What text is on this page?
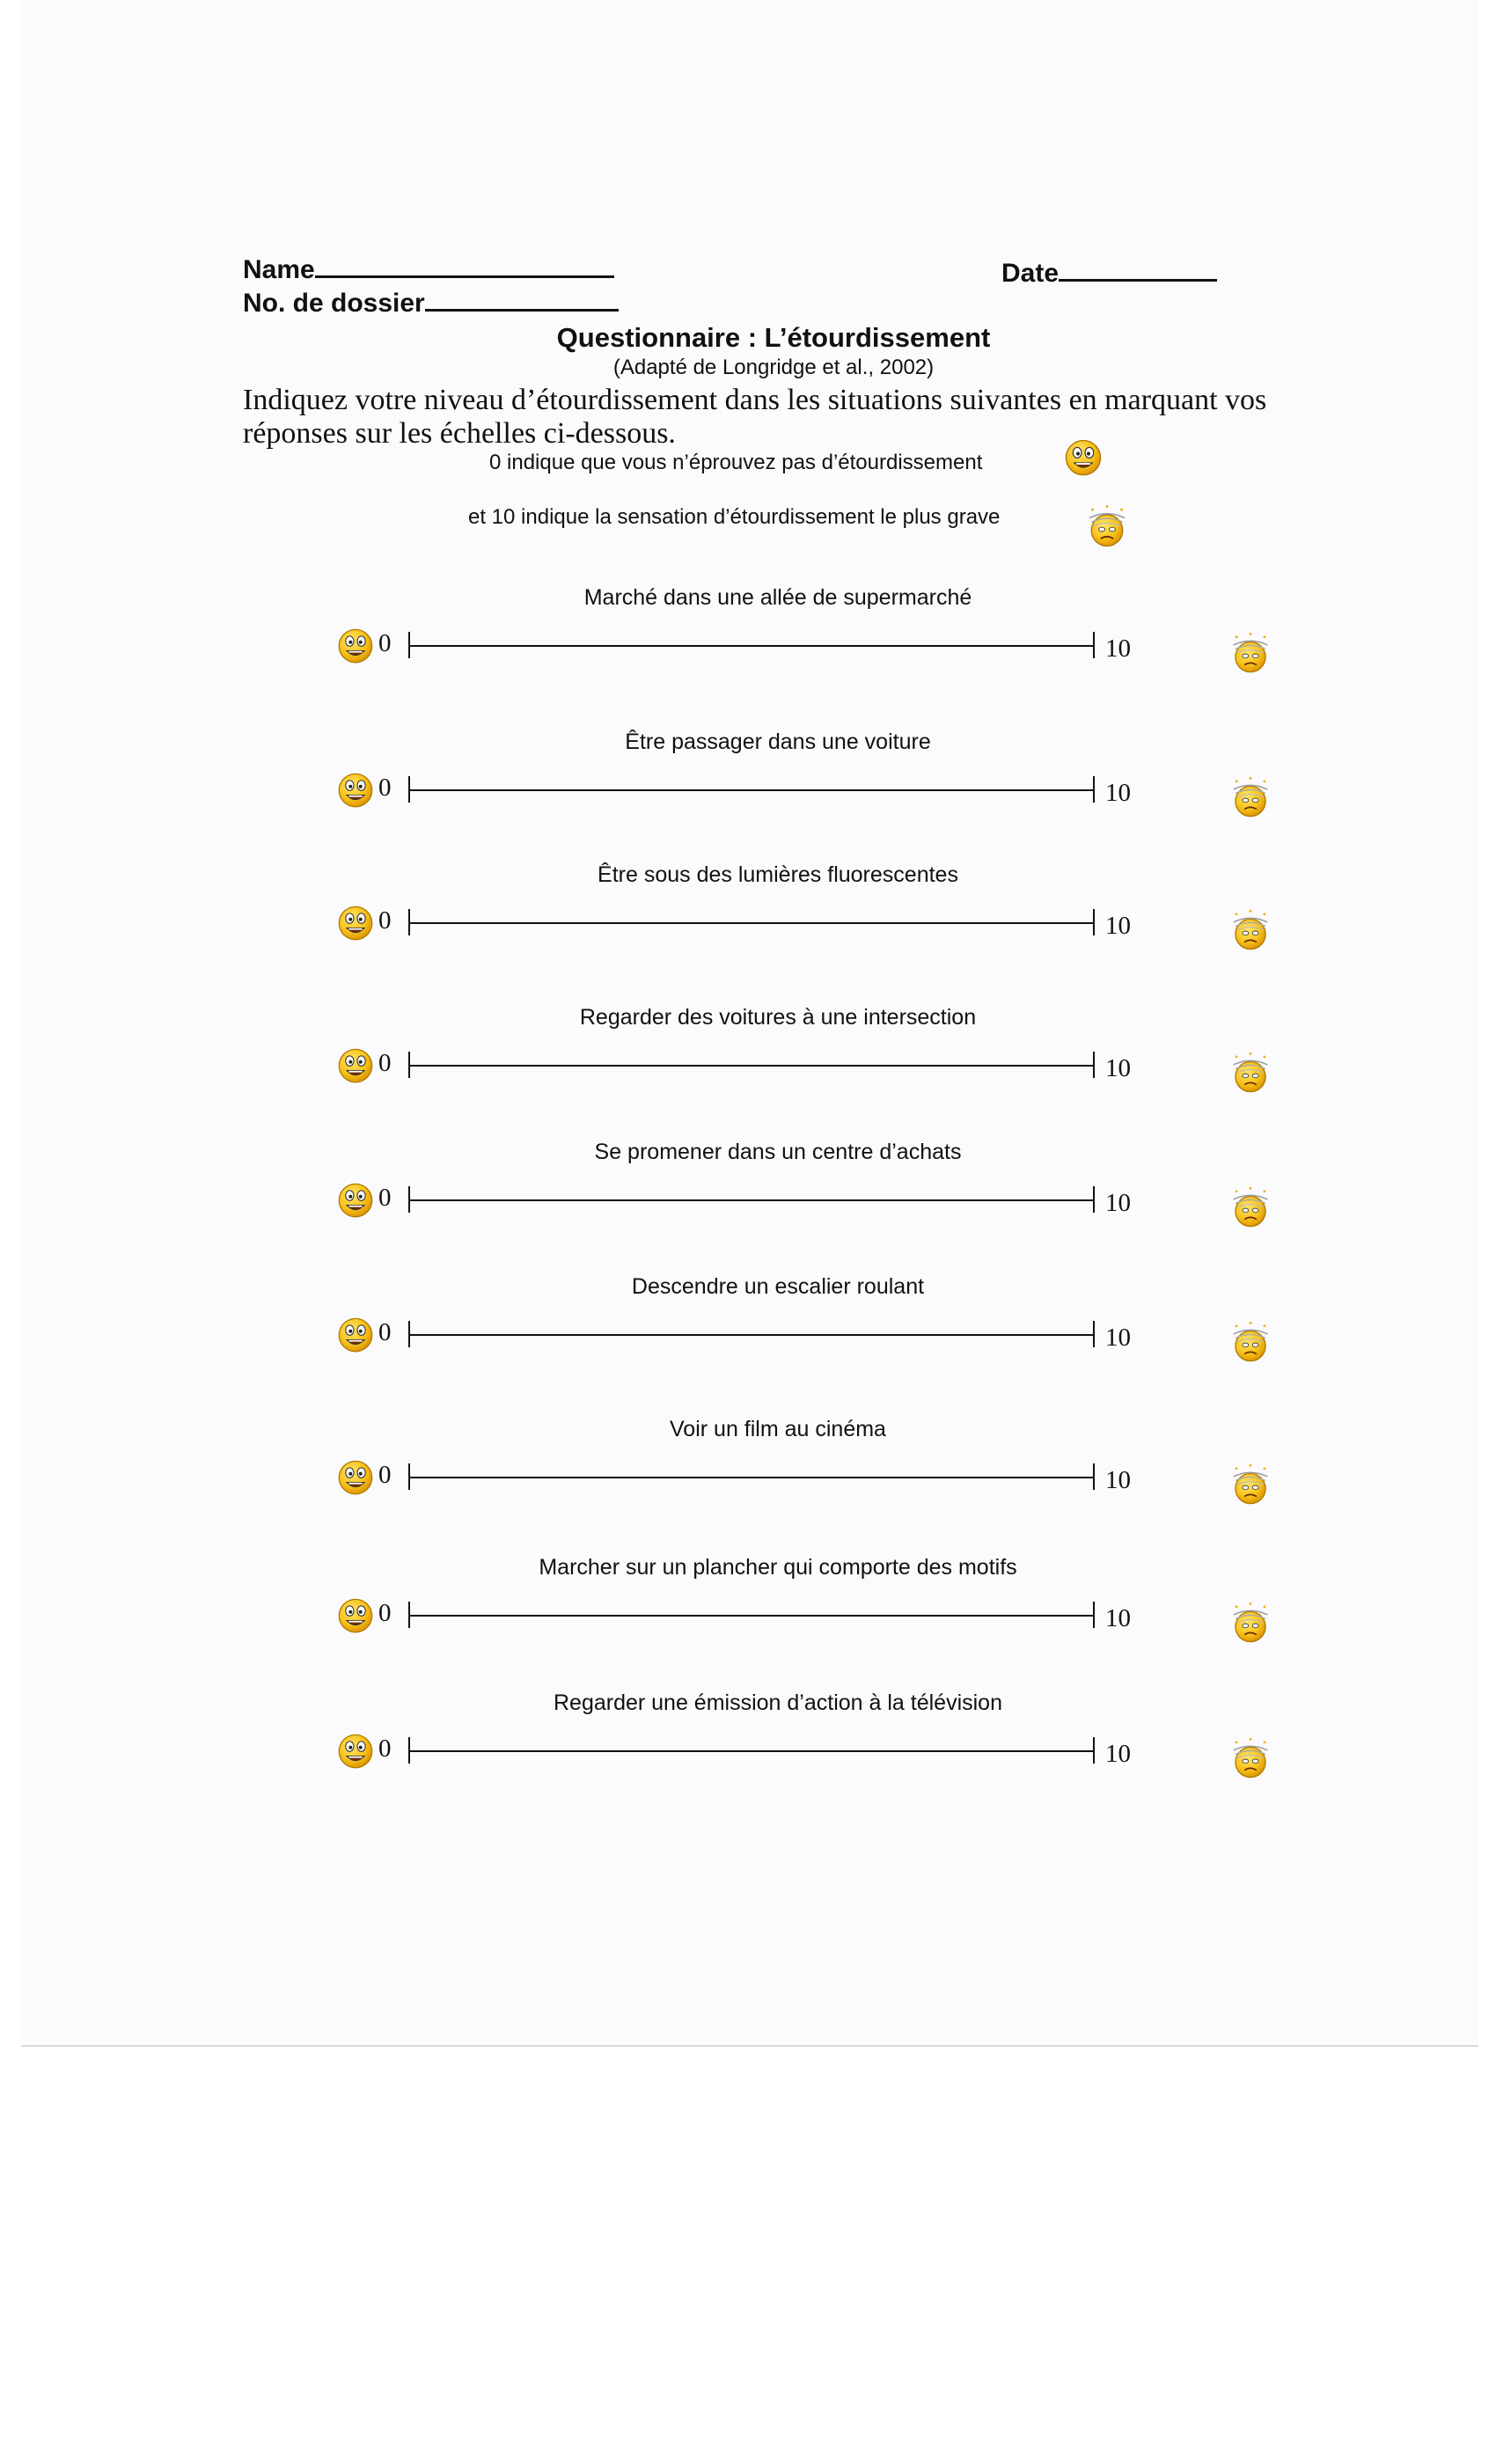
Name	Date
No. de dossier
Questionnaire : L’étourdissement
(Adapté de Longridge et al., 2002)
Indiquez votre niveau d’étourdissement dans les situations suivantes en marquant vos
réponses sur les échelles ci-dessous.
0 indique que vous n’éprouvez pas d’étourdissement
et 10 indique la sensation d’étourdissement le plus grave
Marché dans une allée de supermarché
0	10
Être passager dans une voiture
0	10
Être sous des lumières fluorescentes
0	10
Regarder des voitures à une intersection
0	10
Se promener dans un centre d’achats
0	10
Descendre un escalier roulant
0	10
Voir un film au cinéma
0	10
Marcher sur un plancher qui comporte des motifs
0	10
Regarder une émission d’action à la télévision
0	10
